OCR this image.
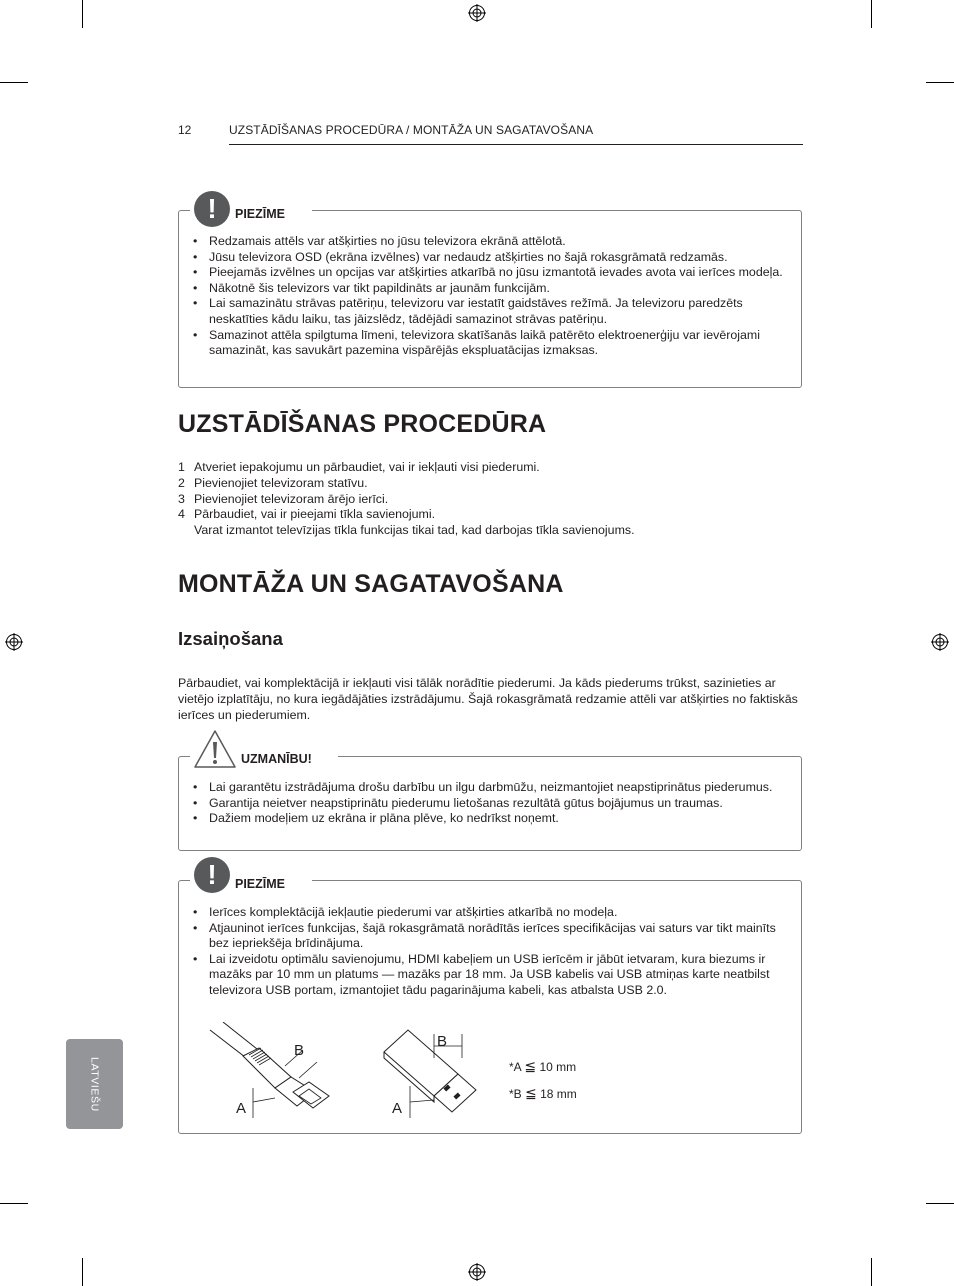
12	UZSTĀDĪŠANAS PROCEDŪRA / MONTĀŽA UN SAGATAVOŠANA
!
PIEZĪME
• Redzamais attēls var atšķirties no jūsu televizora ekrānā attēlotā.
• Jūsu televizora OSD (ekrāna izvēlnes) var nedaudz atšķirties no šajā rokasgrāmatā redzamās.
• Pieejamās izvēlnes un opcijas var atšķirties atkarībā no jūsu izmantotā ievades avota vai ierīces modeļa.
• Nākotnē šis televizors var tikt papildināts ar jaunām funkcijām.
• Lai samazinātu strāvas patēriņu, televizoru var iestatīt gaidstāves režīmā. Ja televizoru paredzēts neskatīties kādu laiku, tas jāizslēdz, tādējādi samazinot strāvas patēriņu.
• Samazinot attēla spilgtuma līmeni, televizora skatīšanās laikā patērēto elektroenerģiju var ievērojami samazināt, kas savukārt pazemina vispārējās ekspluatācijas izmaksas.
UZSTĀDĪŠANAS PROCEDŪRA
1 Atveriet iepakojumu un pārbaudiet, vai ir iekļauti visi piederumi.
2 Pievienojiet televizoram statīvu.
3 Pievienojiet televizoram ārējo ierīci.
4 Pārbaudiet, vai ir pieejami tīkla savienojumi.
Varat izmantot televīzijas tīkla funkcijas tikai tad, kad darbojas tīkla savienojums.
MONTĀŽA UN SAGATAVOŠANA
Izsaiņošana
Pārbaudiet, vai komplektācijā ir iekļauti visi tālāk norādītie piederumi. Ja kāds piederums trūkst, sazinieties ar vietējo izplatītāju, no kura iegādājāties izstrādājumu. Šajā rokasgrāmatā redzamie attēli var atšķirties no faktiskās ierīces un piederumiem.
UZMANĪBU!
• Lai garantētu izstrādājuma drošu darbību un ilgu darbmūžu, neizmantojiet neapstiprinātus piederumus.
• Garantija neietver neapstiprinātu piederumu lietošanas rezultātā gūtus bojājumus un traumas.
• Dažiem modeļiem uz ekrāna ir plāna plēve, ko nedrīkst noņemt.
!
PIEZĪME
• Ierīces komplektācijā iekļautie piederumi var atšķirties atkarībā no modeļa.
• Atjauninot ierīces funkcijas, šajā rokasgrāmatā norādītās ierīces specifikācijas vai saturs var tikt mainīts bez iepriekšēja brīdinājuma.
• Lai izveidotu optimālu savienojumu, HDMI kabeļiem un USB ierīcēm ir jābūt ietvaram, kura biezums ir mazāks par 10 mm un platums — mazāks par 18 mm. Ja USB kabelis vai USB atmiņas karte neatbilst televizora USB portam, izmantojiet tādu pagarinājuma kabeli, kas atbalsta USB 2.0.
B
A
B
A
*A ≦ 10 mm
*B ≦ 18 mm
LATVIEŠU
